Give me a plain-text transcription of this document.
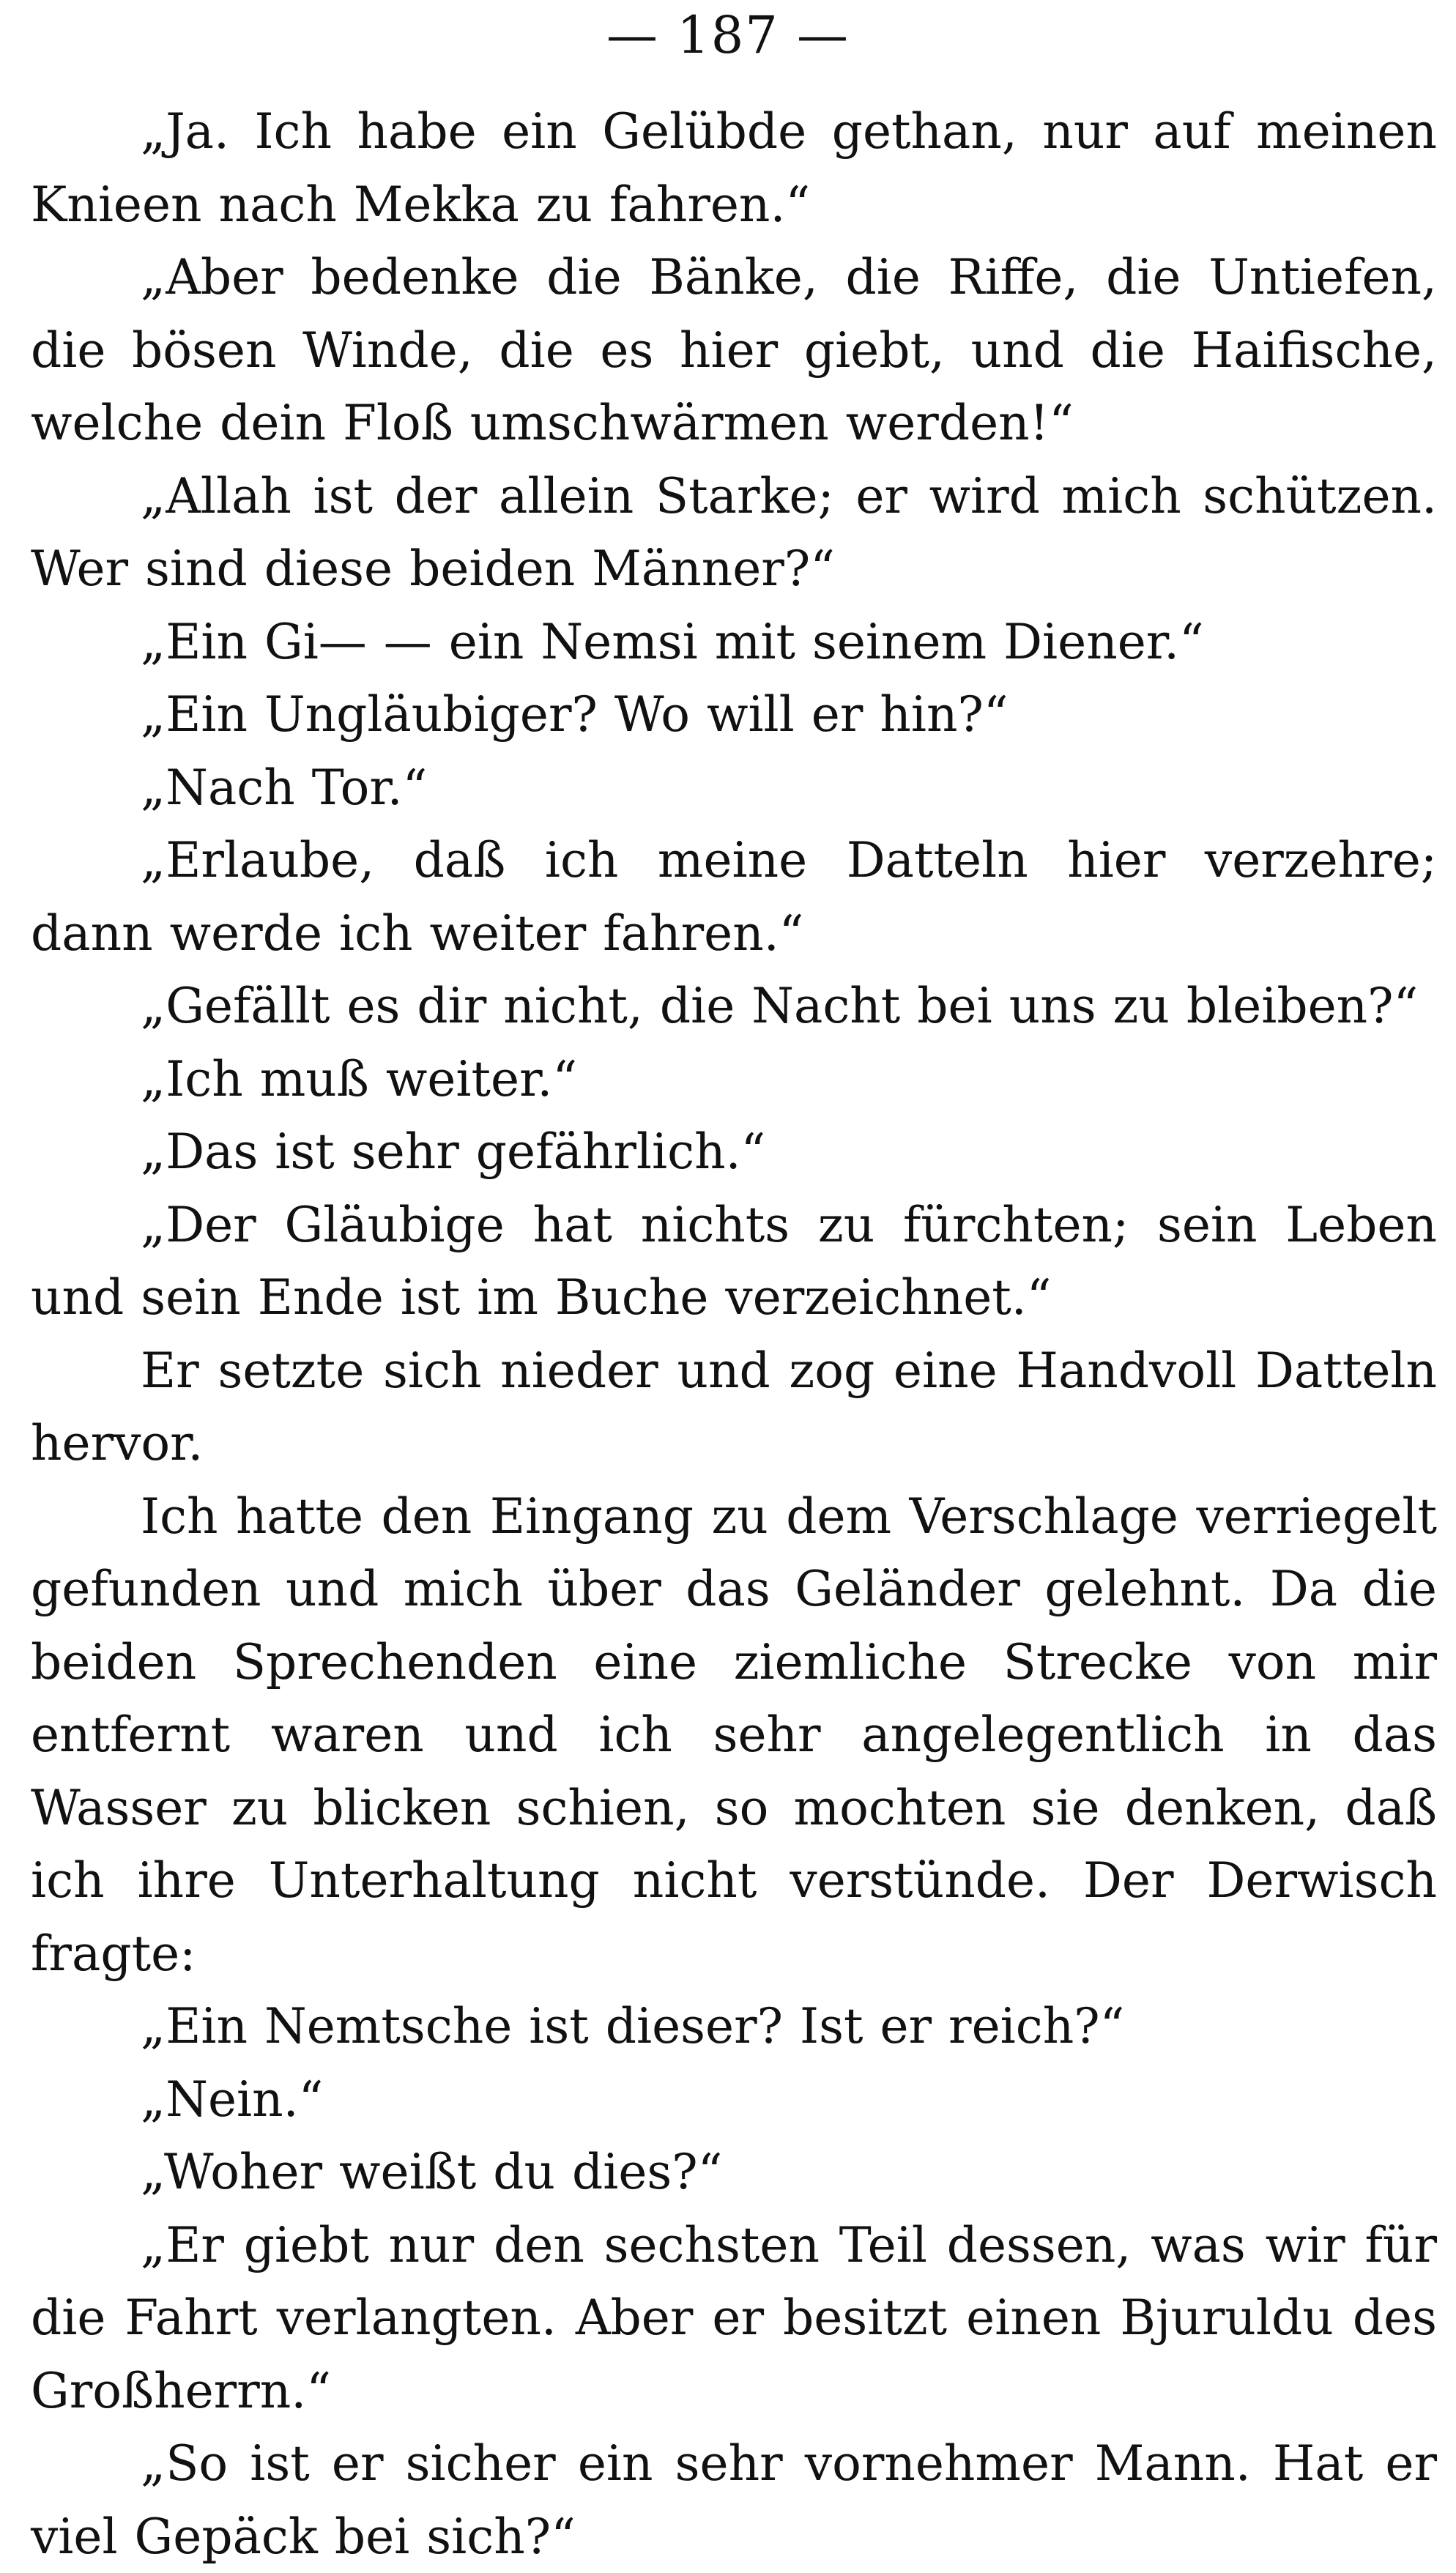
— 187 —

„Ja. Ich habe ein Gelübde gethan, nur auf meinen Knieen nach Mekka zu fahren.“

„Aber bedenke die Bänke, die Riffe, die Untiefen, die bösen Winde, die es hier giebt, und die Haifische, welche dein Floß umschwärmen werden!“

„Allah ist der allein Starke; er wird mich schützen. Wer sind diese beiden Männer?“

„Ein Gi— — ein Nemsi mit seinem Diener.“

„Ein Ungläubiger? Wo will er hin?“

„Nach Tor.“

„Erlaube, daß ich meine Datteln hier verzehre; dann werde ich weiter fahren.“

„Gefällt es dir nicht, die Nacht bei uns zu bleiben?“

„Ich muß weiter.“

„Das ist sehr gefährlich.“

„Der Gläubige hat nichts zu fürchten; sein Leben und sein Ende ist im Buche verzeichnet.“

Er setzte sich nieder und zog eine Handvoll Datteln hervor.

Ich hatte den Eingang zu dem Verschlage verriegelt gefunden und mich über das Geländer gelehnt. Da die beiden Sprechenden eine ziemliche Strecke von mir entfernt waren und ich sehr angelegentlich in das Wasser zu blicken schien, so mochten sie denken, daß ich ihre Unterhaltung nicht verstünde. Der Derwisch fragte:

„Ein Nemtsche ist dieser? Ist er reich?“

„Nein.“

„Woher weißt du dies?“

„Er giebt nur den sechsten Teil dessen, was wir für die Fahrt verlangten. Aber er besitzt einen Bjuruldu des Großherrn.“

„So ist er sicher ein sehr vornehmer Mann. Hat er viel Gepäck bei sich?“
